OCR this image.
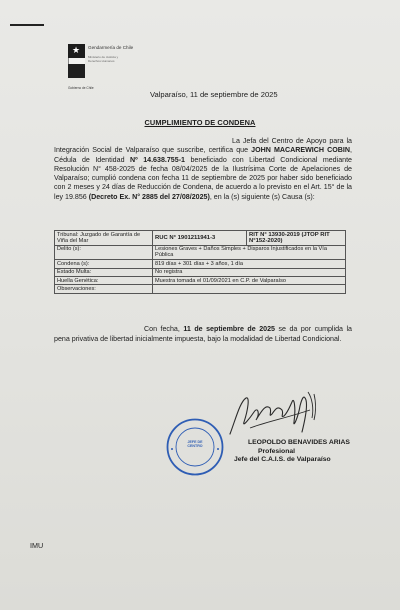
★ Gendarmería de Chile
Ministerio de Justicia y Derechos Humanos
Gobierno de Chile
Valparaíso, 11 de septiembre de 2025
CUMPLIMIENTO DE CONDENA
La Jefa del Centro de Apoyo para la Integración Social de Valparaíso que suscribe, certifica que JOHN MACAREWICH COBIN, Cédula de Identidad Nº 14.638.755-1 beneficiado con Libertad Condicional mediante Resolución N° 458-2025 de fecha 08/04/2025 de la Ilustrísima Corte de Apelaciones de Valparaíso; cumplió condena con fecha 11 de septiembre de 2025 por haber sido beneficiado con 2 meses y 24 días de Reducción de Condena, de acuerdo a lo previsto en el Art. 15° de la ley 19.856 (Decreto Ex. N° 2885 del 27/08/2025), en la (s) siguiente (s) Causa (s):
Tribunal: Juzgado de Garantía de Viña del Mar	RUC N° 1901211941-3	RIT N° 13930-2019 (JTOP RIT N°152-2020)
Delito (s):	Lesiones Graves + Daños Simples + Disparos Injustificados en la Vía Pública	
Condena (s):	819 días + 301 días + 3 años, 1 día	
Estado Multa:	No registra	
Huella Genética:	Muestra tomada el 01/09/2021 en C.P. de Valparaíso	
Observaciones:		
Con fecha, 11 de septiembre de 2025 se da por cumplida la pena privativa de libertad inicialmente impuesta, bajo la modalidad de Libertad Condicional.
JEFE DE
CENTRO
LEOPOLDO BENAVIDES ARIAS
Profesional
Jefe del C.A.I.S. de Valparaíso
IMU
